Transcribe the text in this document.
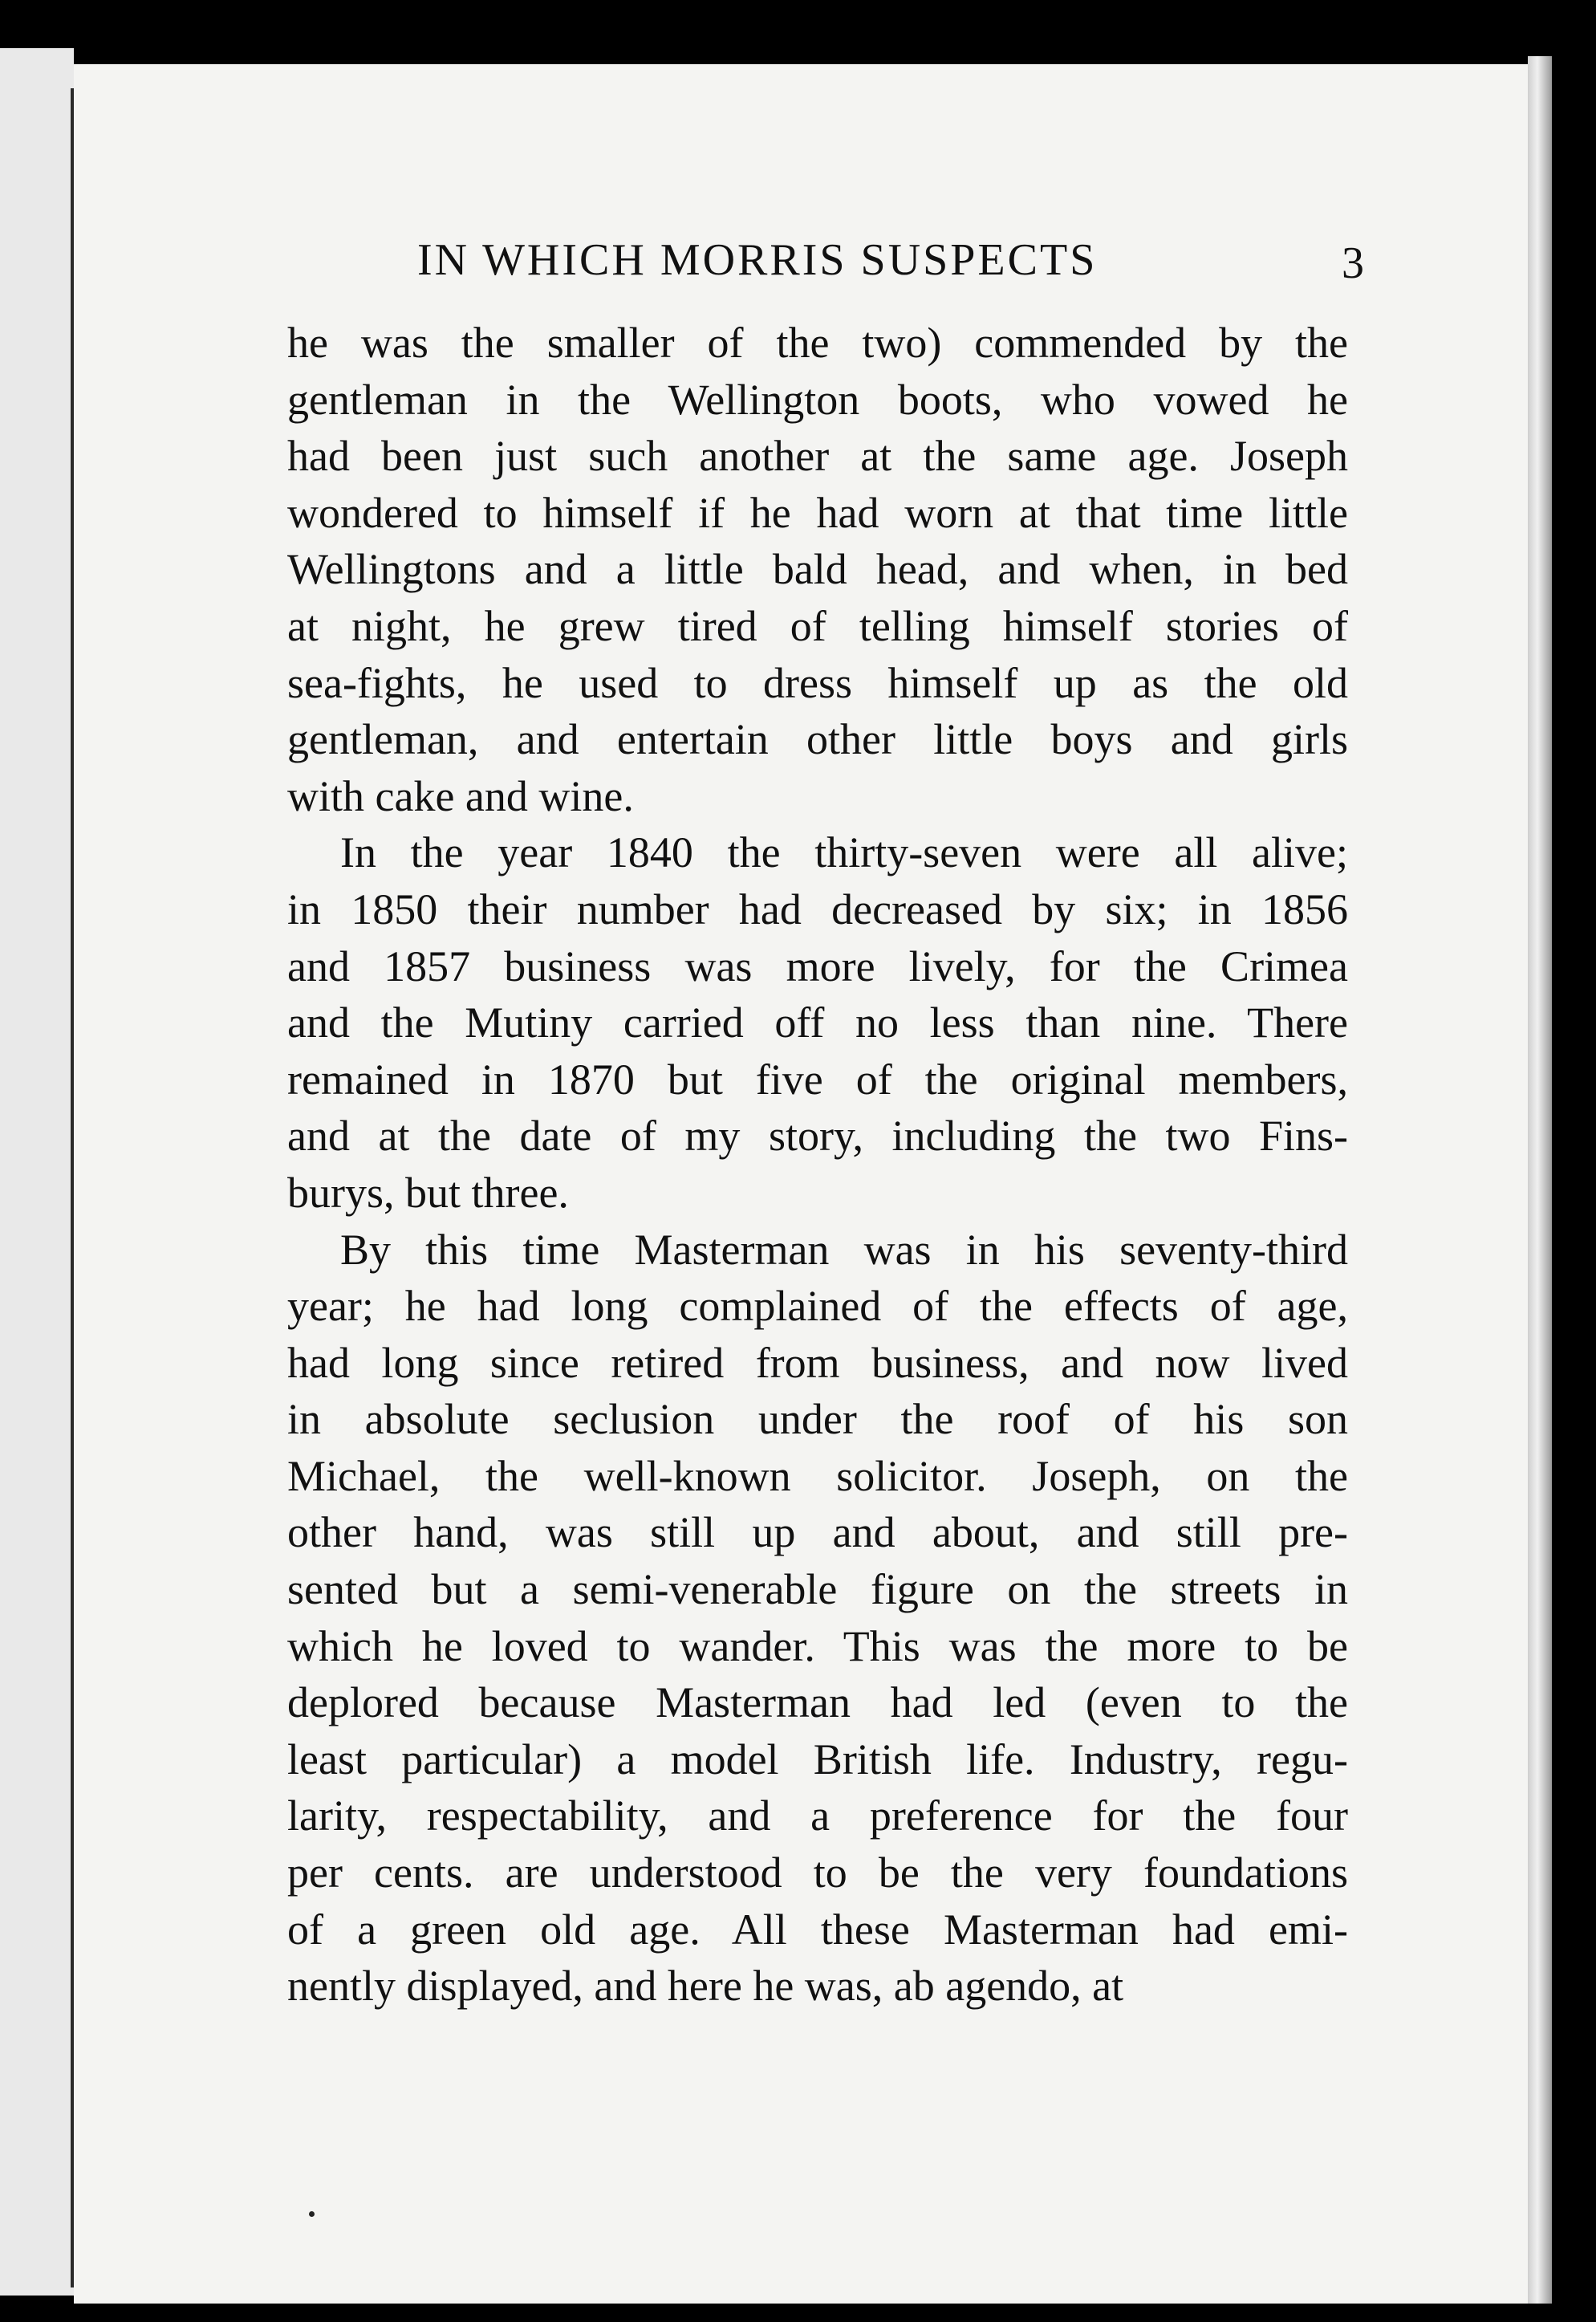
IN WHICH MORRIS SUSPECTS	3
he was the smaller of the two) commended by the
gentleman in the Wellington boots, who vowed he
had been just such another at the same age. Joseph
wondered to himself if he had worn at that time little
Wellingtons and a little bald head, and when, in bed
at night, he grew tired of telling himself stories of
sea-fights, he used to dress himself up as the old
gentleman, and entertain other little boys and girls
with cake and wine.
In the year 1840 the thirty-seven were all alive;
in 1850 their number had decreased by six; in 1856
and 1857 business was more lively, for the Crimea
and the Mutiny carried off no less than nine. There
remained in 1870 but five of the original members,
and at the date of my story, including the two Fins-
burys, but three.
By this time Masterman was in his seventy-third
year; he had long complained of the effects of age,
had long since retired from business, and now lived
in absolute seclusion under the roof of his son
Michael, the well-known solicitor. Joseph, on the
other hand, was still up and about, and still pre-
sented but a semi-venerable figure on the streets in
which he loved to wander. This was the more to be
deplored because Masterman had led (even to the
least particular) a model British life. Industry, regu-
larity, respectability, and a preference for the four
per cents. are understood to be the very foundations
of a green old age. All these Masterman had emi-
nently displayed, and here he was, ab agendo, at
